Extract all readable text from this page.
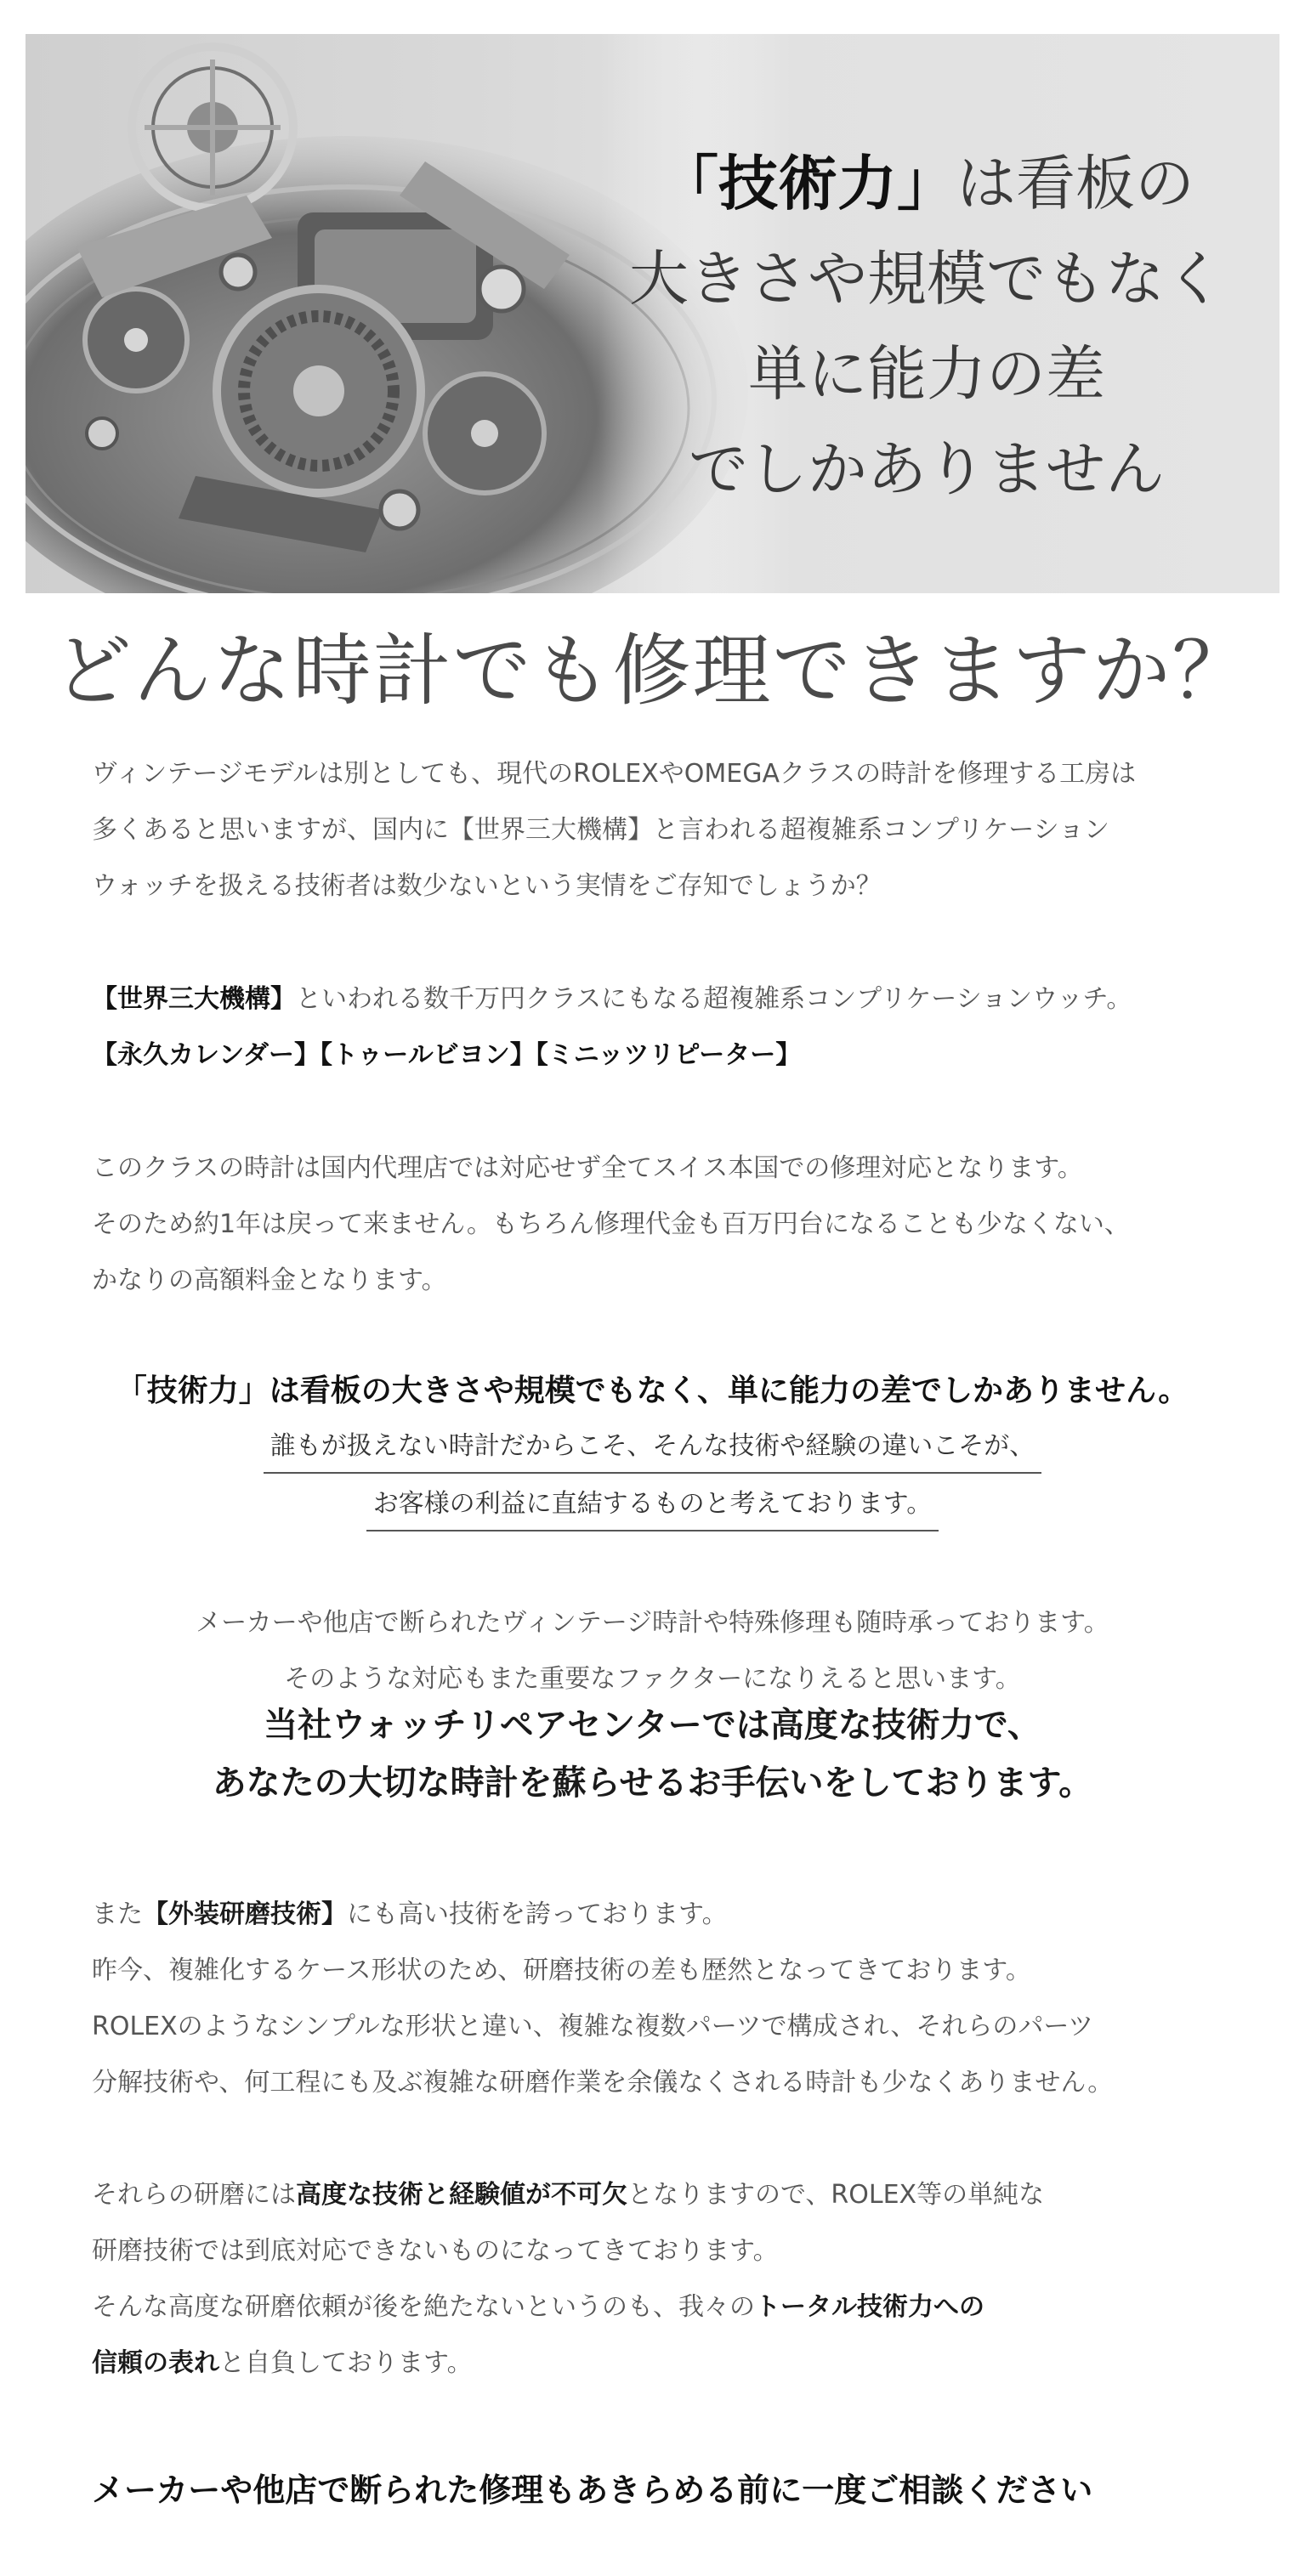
「技術力」は看板の
大きさや規模でもなく
単に能力の差
でしかありません
どんな時計でも修理できますか？
ヴィンテージモデルは別としても、現代のROLEXやOMEGAクラスの時計を修理する工房は
多くあると思いますが、国内に【世界三大機構】と言われる超複雑系コンプリケーション
ウォッチを扱える技術者は数少ないという実情をご存知でしょうか？
【世界三大機構】といわれる数千万円クラスにもなる超複雑系コンプリケーションウッチ。
【永久カレンダー】【トゥールビヨン】【ミニッツリピーター】
このクラスの時計は国内代理店では対応せず全てスイス本国での修理対応となります。
そのため約1年は戻って来ません。もちろん修理代金も百万円台になることも少なくない、
かなりの高額料金となります。
「技術力」は看板の大きさや規模でもなく、単に能力の差でしかありません。
誰もが扱えない時計だからこそ、そんな技術や経験の違いこそが、
お客様の利益に直結するものと考えております。
メーカーや他店で断られたヴィンテージ時計や特殊修理も随時承っております。
そのような対応もまた重要なファクターになりえると思います。
当社ウォッチリペアセンターでは高度な技術力で、
あなたの大切な時計を蘇らせるお手伝いをしております。
また【外装研磨技術】にも高い技術を誇っております。
昨今、複雑化するケース形状のため、研磨技術の差も歴然となってきております。
ROLEXのようなシンプルな形状と違い、複雑な複数パーツで構成され、それらのパーツ
分解技術や、何工程にも及ぶ複雑な研磨作業を余儀なくされる時計も少なくありません。
それらの研磨には高度な技術と経験値が不可欠となりますので、ROLEX等の単純な
研磨技術では到底対応できないものになってきております。
そんな高度な研磨依頼が後を絶たないというのも、我々のトータル技術力への
信頼の表れと自負しております。
メーカーや他店で断られた修理もあきらめる前に一度ご相談ください
